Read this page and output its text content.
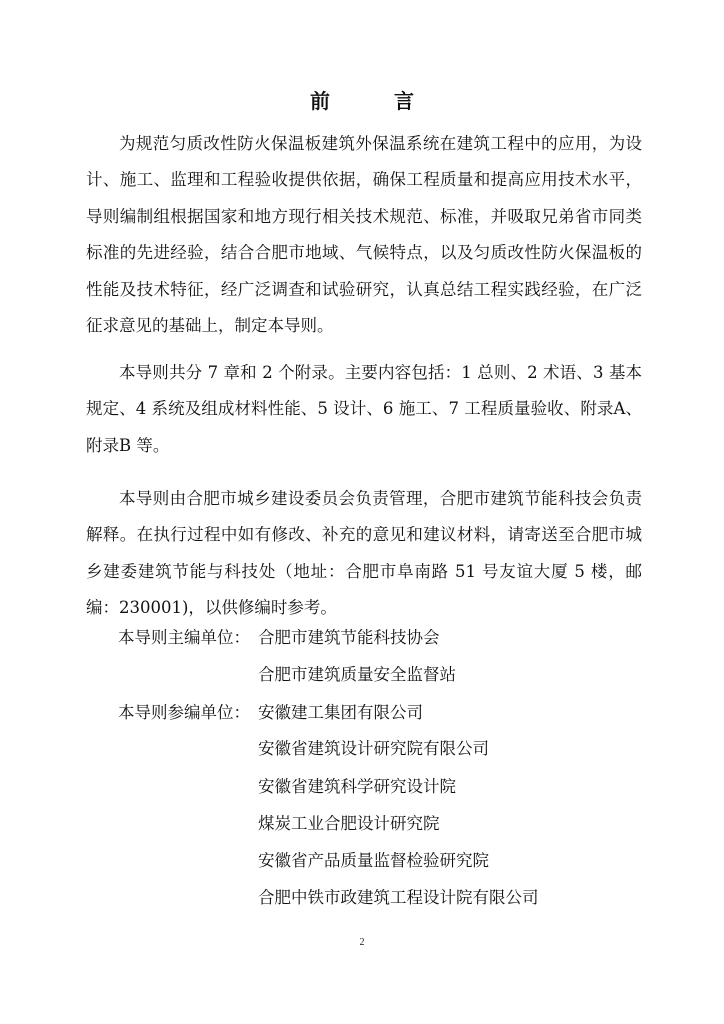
前　言

为规范匀质改性防火保温板建筑外保温系统在建筑工程中的应用，为设计、施工、监理和工程验收提供依据，确保工程质量和提高应用技术水平，导则编制组根据国家和地方现行相关技术规范、标准，并吸取兄弟省市同类标准的先进经验，结合合肥市地域、气候特点，以及匀质改性防火保温板的性能及技术特征，经广泛调查和试验研究，认真总结工程实践经验，在广泛征求意见的基础上，制定本导则。

本导则共分 7 章和 2 个附录。主要内容包括：1 总则、2 术语、3 基本规定、4 系统及组成材料性能、5 设计、6 施工、7 工程质量验收、附录A、附录B 等。

本导则由合肥市城乡建设委员会负责管理，合肥市建筑节能科技会负责解释。在执行过程中如有修改、补充的意见和建议材料，请寄送至合肥市城乡建委建筑节能与科技处（地址：合肥市阜南路 51 号友谊大厦 5 楼，邮编：230001)，以供修编时参考。

本导则主编单位： 合肥市建筑节能科技协会
合肥市建筑质量安全监督站
本导则参编单位： 安徽建工集团有限公司
安徽省建筑设计研究院有限公司
安徽省建筑科学研究设计院
煤炭工业合肥设计研究院
安徽省产品质量监督检验研究院
合肥中铁市政建筑工程设计院有限公司
2
